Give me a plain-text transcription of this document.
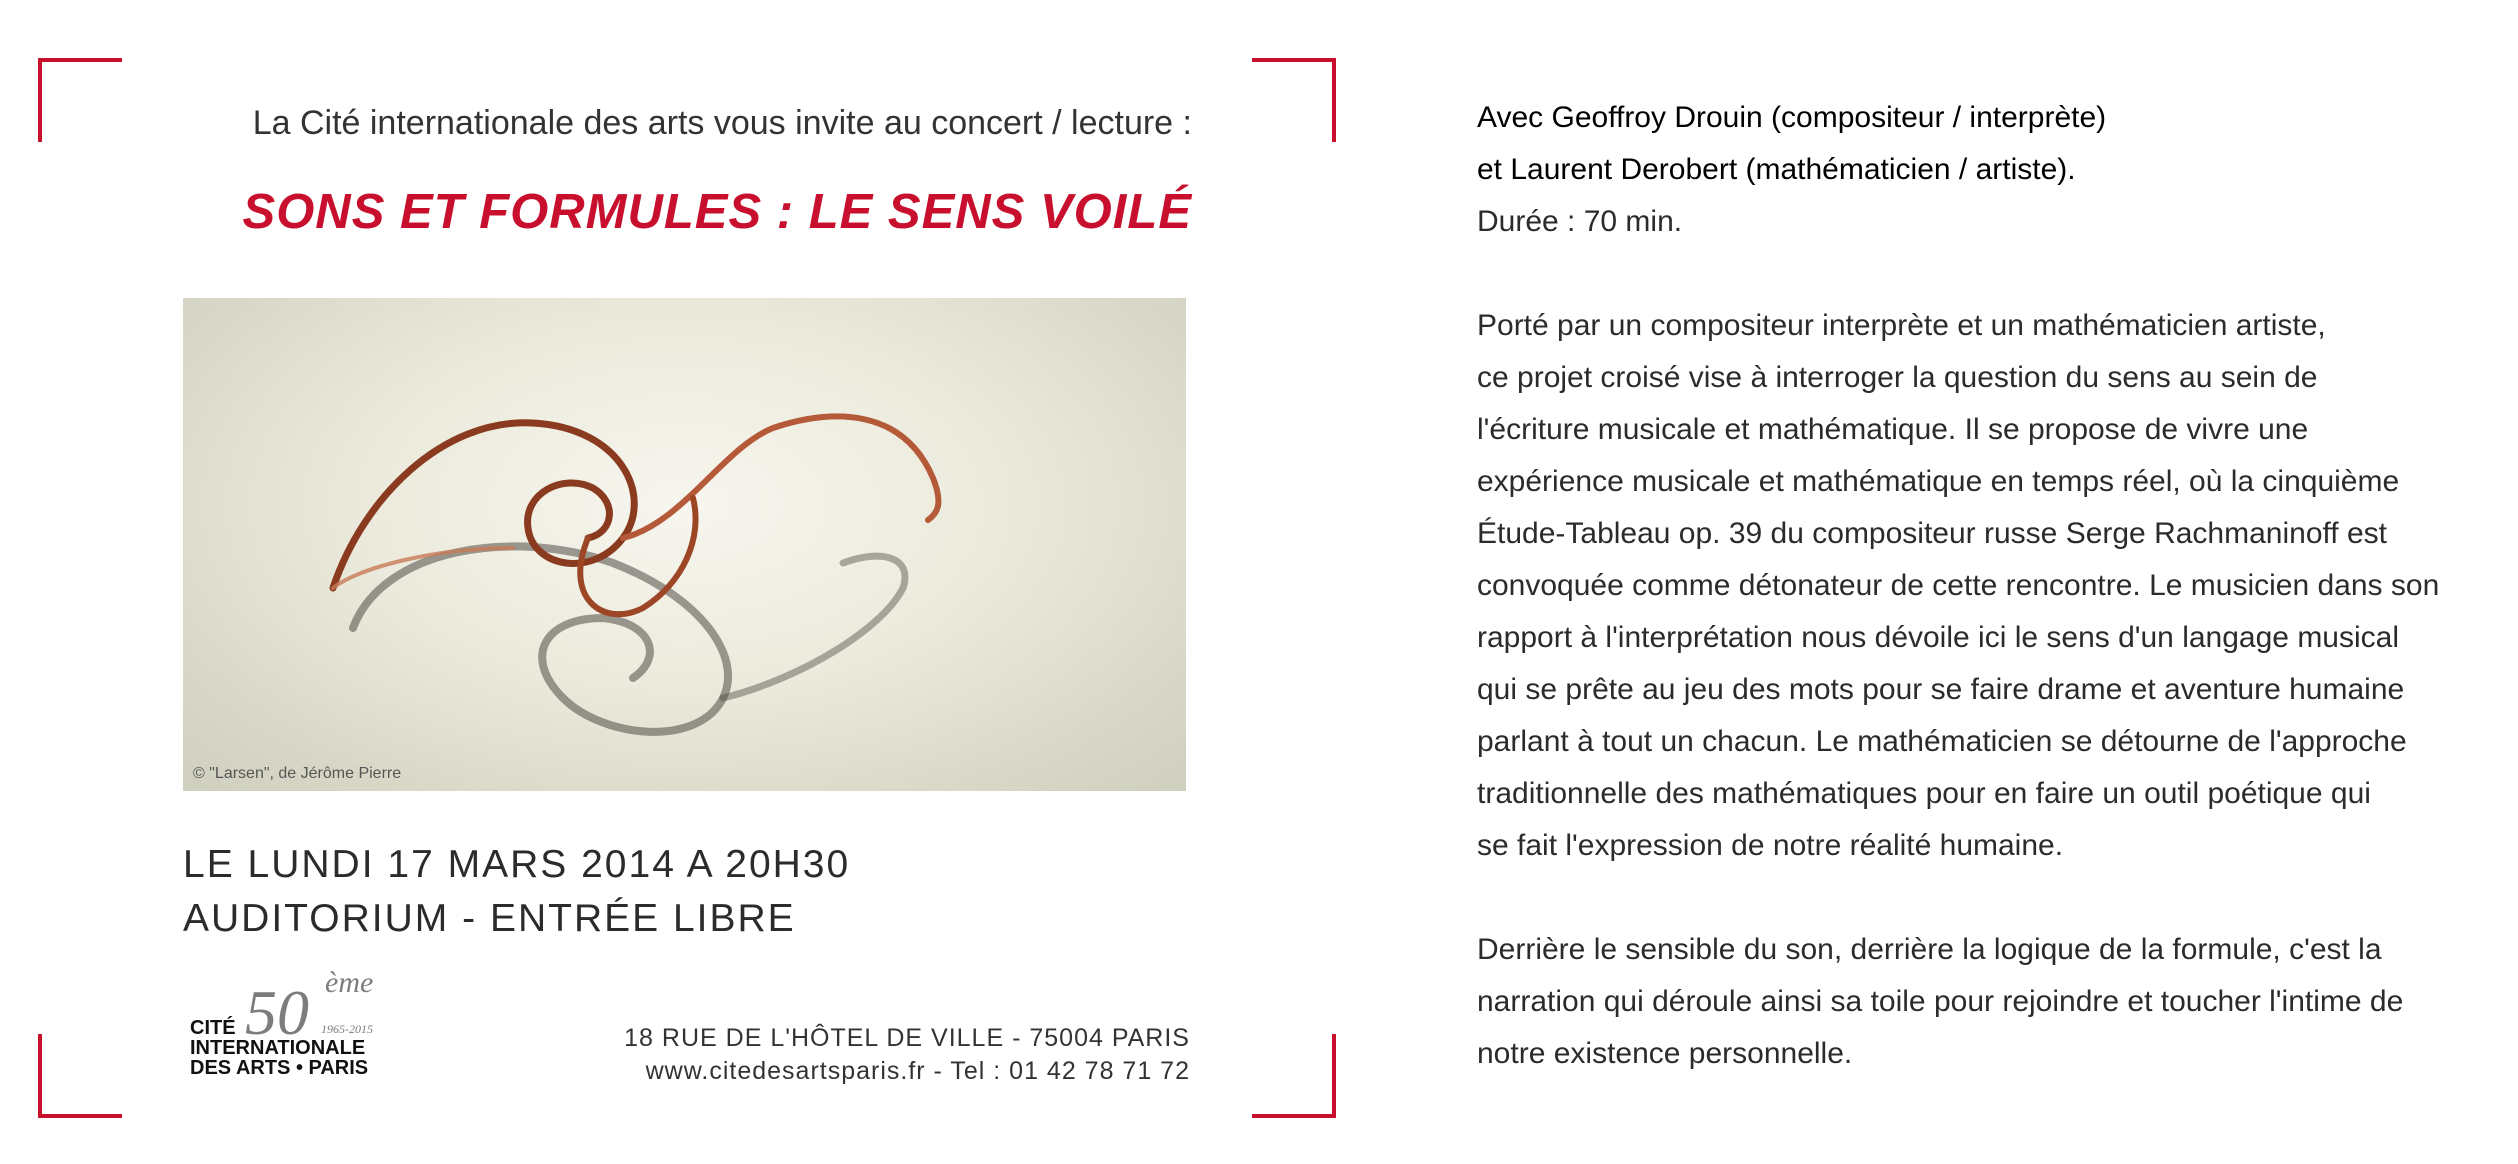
La Cité internationale des arts vous invite au concert / lecture :
SONS ET FORMULES : LE SENS VOILÉ
© "Larsen", de Jérôme Pierre
LE LUNDI 17 MARS 2014 A 20H30
AUDITORIUM - ENTRÉE LIBRE
50 ème
1965-2015
CITÉ
INTERNATIONALE
DES ARTS • PARIS
18 RUE DE L'HÔTEL DE VILLE - 75004 PARIS
www.citedesartsparis.fr - Tel : 01 42 78 71 72

Avec Geoffroy Drouin (compositeur / interprète)

et Laurent Derobert (mathématicien / artiste).

Durée : 70 min.

Porté par un compositeur interprète et un mathématicien artiste,

ce projet croisé vise à interroger la question du sens au sein de

l'écriture musicale et mathématique. Il se propose de vivre une

expérience musicale et mathématique en temps réel, où la cinquième

Étude-Tableau op. 39 du compositeur russe Serge Rachmaninoff est

convoquée comme détonateur de cette rencontre. Le musicien dans son

rapport à l'interprétation nous dévoile ici le sens d'un langage musical

qui se prête au jeu des mots pour se faire drame et aventure humaine

parlant à tout un chacun. Le mathématicien se détourne de l'approche

traditionnelle des mathématiques pour en faire un outil poétique qui

se fait l'expression de notre réalité humaine.

Derrière le sensible du son, derrière la logique de la formule, c'est la

narration qui déroule ainsi sa toile pour rejoindre et toucher l'intime de

notre existence personnelle.
